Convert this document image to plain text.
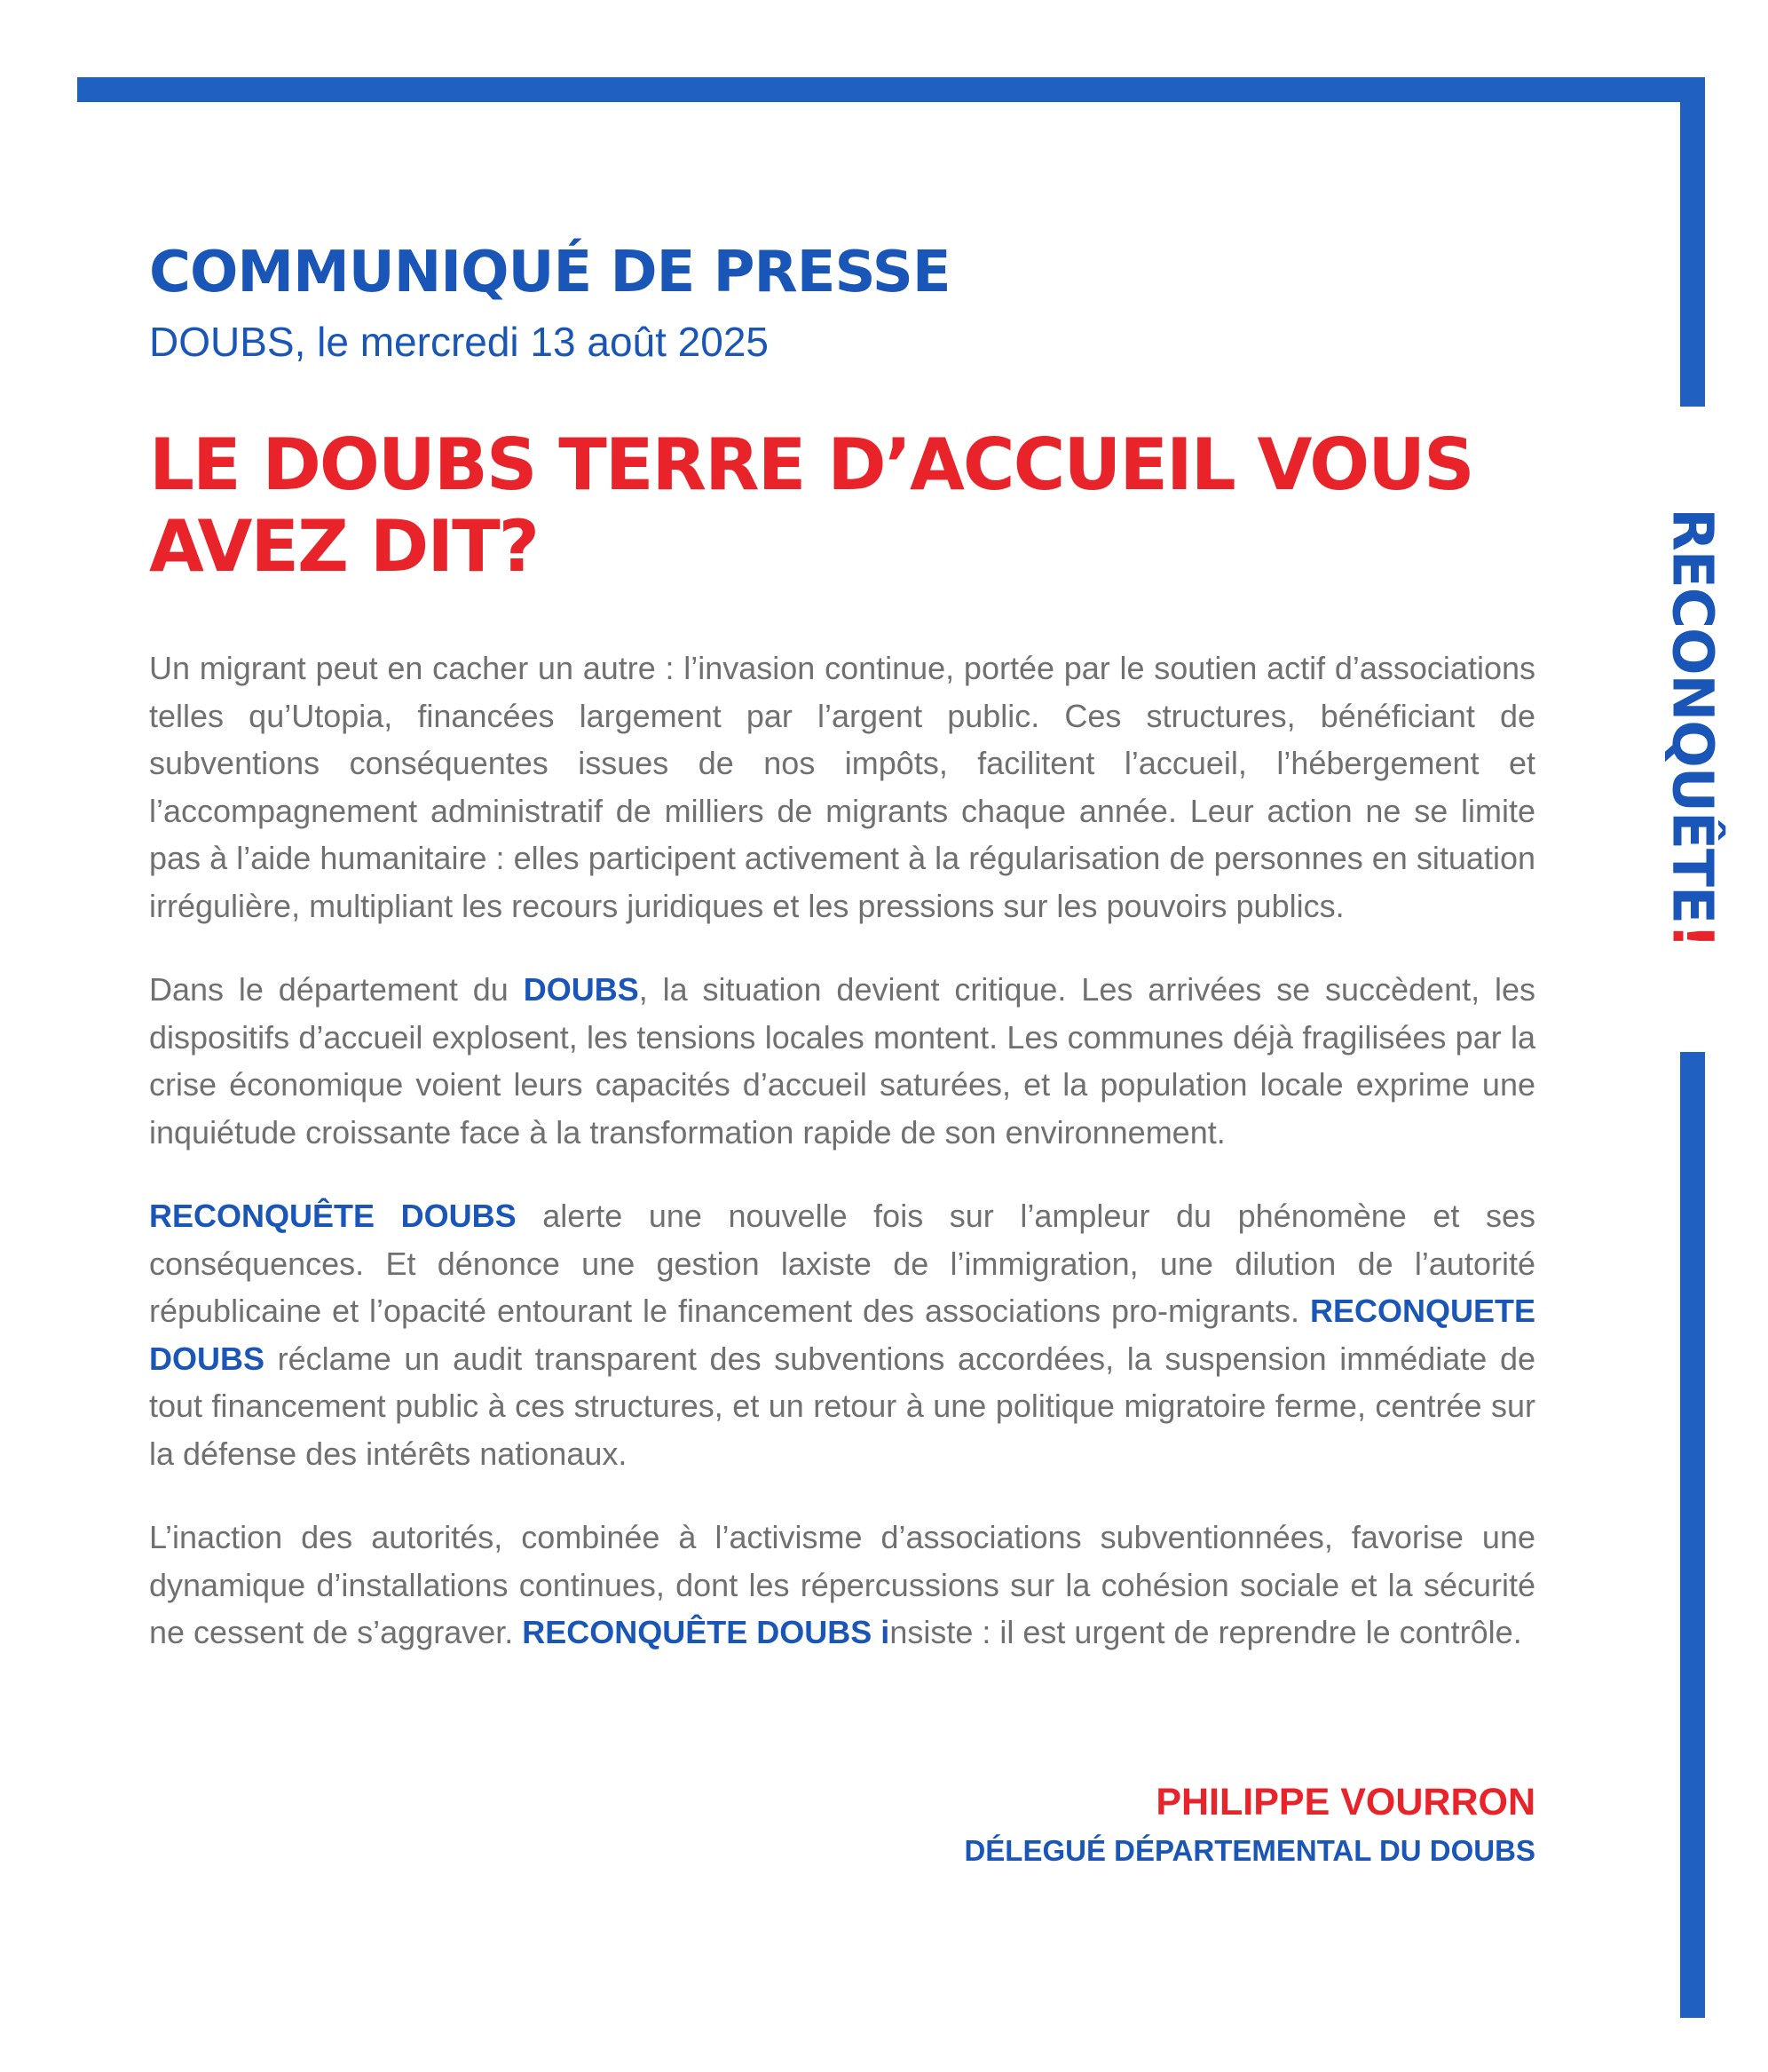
RECONQUÊTE!
COMMUNIQUÉ DE PRESSE

DOUBS, le mercredi 13 août 2025

LE DOUBS TERRE D’ACCUEIL VOUS AVEZ DIT?

Un migrant peut en cacher un autre : l’invasion continue, portée par le soutien actif d’associations telles qu’Utopia, financées largement par l’argent public. Ces structures, bénéficiant de subventions conséquentes issues de nos impôts, facilitent l’accueil, l’hébergement et l’accompagnement administratif de milliers de migrants chaque année. Leur action ne se limite pas à l’aide humanitaire : elles participent activement à la régularisation de personnes en situation irrégulière, multipliant les recours juridiques et les pressions sur les pouvoirs publics.

Dans le département du DOUBS, la situation devient critique. Les arrivées se succèdent, les dispositifs d’accueil explosent, les tensions locales montent. Les communes déjà fragilisées par la crise économique voient leurs capacités d’accueil saturées, et la population locale exprime une inquiétude croissante face à la transformation rapide de son environnement.

RECONQUÊTE DOUBS alerte une nouvelle fois sur l’ampleur du phénomène et ses conséquences. Et dénonce une gestion laxiste de l’immigration, une dilution de l’autorité républicaine et l’opacité entourant le financement des associations pro-migrants. RECONQUETE DOUBS réclame un audit transparent des subventions accordées, la suspension immédiate de tout financement public à ces structures, et un retour à une politique migratoire ferme, centrée sur la défense des intérêts nationaux.

L’inaction des autorités, combinée à l’activisme d’associations subventionnées, favorise une dynamique d’installations continues, dont les répercussions sur la cohésion sociale et la sécurité ne cessent de s’aggraver. RECONQUÊTE DOUBS insiste : il est urgent de reprendre le contrôle.

PHILIPPE VOURRON

DÉLEGUÉ DÉPARTEMENTAL DU DOUBS
